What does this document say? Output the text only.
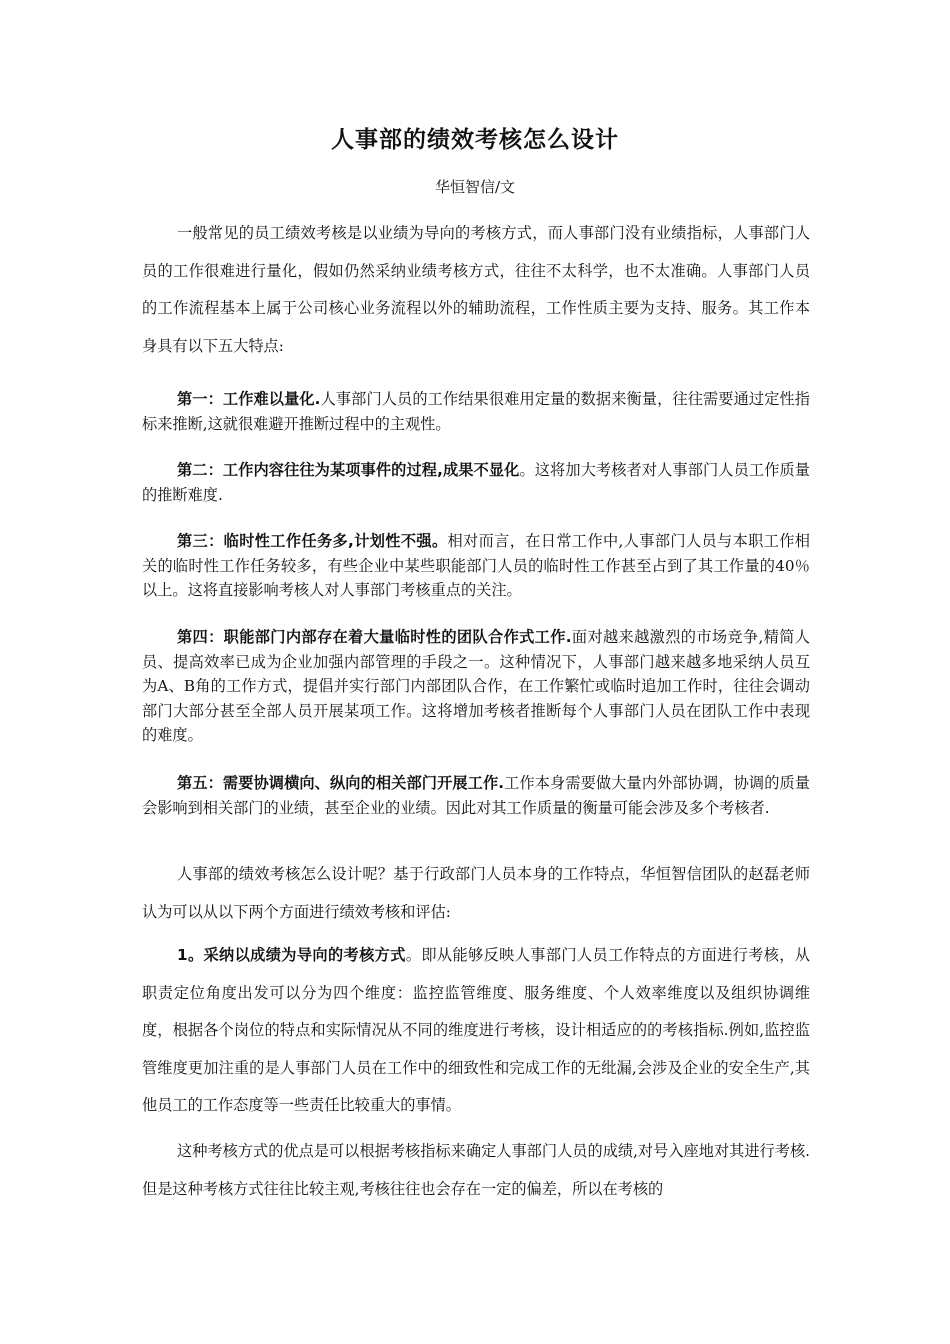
人事部的绩效考核怎么设计
华恒智信/文

一般常见的员工绩效考核是以业绩为导向的考核方式，而人事部门没有业绩指标，人事部门人员的工作很难进行量化，假如仍然采纳业绩考核方式，往往不太科学，也不太准确。人事部门人员的工作流程基本上属于公司核心业务流程以外的辅助流程，工作性质主要为支持、服务。其工作本身具有以下五大特点:

第一：工作难以量化.人事部门人员的工作结果很难用定量的数据来衡量，往往需要通过定性指标来推断,这就很难避开推断过程中的主观性。

第二：工作内容往往为某项事件的过程,成果不显化。这将加大考核者对人事部门人员工作质量的推断难度.

第三：临时性工作任务多,计划性不强。相对而言，在日常工作中,人事部门人员与本职工作相关的临时性工作任务较多，有些企业中某些职能部门人员的临时性工作甚至占到了其工作量的40％以上。这将直接影响考核人对人事部门考核重点的关注。

第四：职能部门内部存在着大量临时性的团队合作式工作.面对越来越激烈的市场竞争,精简人员、提高效率已成为企业加强内部管理的手段之一。这种情况下，人事部门越来越多地采纳人员互为A、B角的工作方式，提倡并实行部门内部团队合作，在工作繁忙或临时追加工作时，往往会调动部门大部分甚至全部人员开展某项工作。这将增加考核者推断每个人事部门人员在团队工作中表现的难度。

第五：需要协调横向、纵向的相关部门开展工作.工作本身需要做大量内外部协调，协调的质量会影响到相关部门的业绩，甚至企业的业绩。因此对其工作质量的衡量可能会涉及多个考核者.

人事部的绩效考核怎么设计呢？基于行政部门人员本身的工作特点，华恒智信团队的赵磊老师认为可以从以下两个方面进行绩效考核和评估:

1。采纳以成绩为导向的考核方式。即从能够反映人事部门人员工作特点的方面进行考核，从职责定位角度出发可以分为四个维度：监控监管维度、服务维度、个人效率维度以及组织协调维度，根据各个岗位的特点和实际情况从不同的维度进行考核，设计相适应的的考核指标.例如,监控监管维度更加注重的是人事部门人员在工作中的细致性和完成工作的无纰漏,会涉及企业的安全生产,其他员工的工作态度等一些责任比较重大的事情。

这种考核方式的优点是可以根据考核指标来确定人事部门人员的成绩,对号入座地对其进行考核.但是这种考核方式往往比较主观,考核往往也会存在一定的偏差，所以在考核的
